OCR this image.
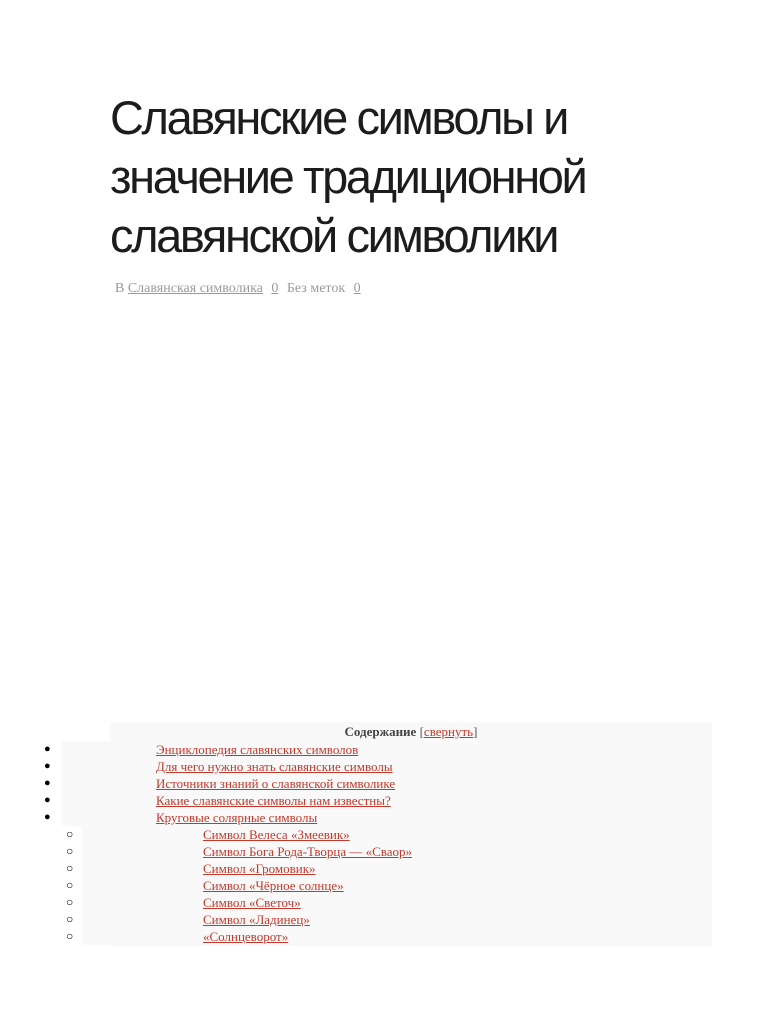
Славянские символы и значение традиционной славянской символики
В Славянская символика 0 Без меток 0
Содержание [свернуть]
●	Энциклопедия славянских символов
●	Для чего нужно знать славянские символы
●	Источники знаний о славянской символике
●	Какие славянские символы нам известны?
●	Круговые солярные символы
○	Символ Велеса «Змеевик»
○	Символ Бога Рода-Творца — «Сваор»
○	Символ «Громовик»
○	Символ «Чёрное солнце»
○	Символ «Светоч»
○	Символ «Ладинец»
○	«Солнцеворот»
